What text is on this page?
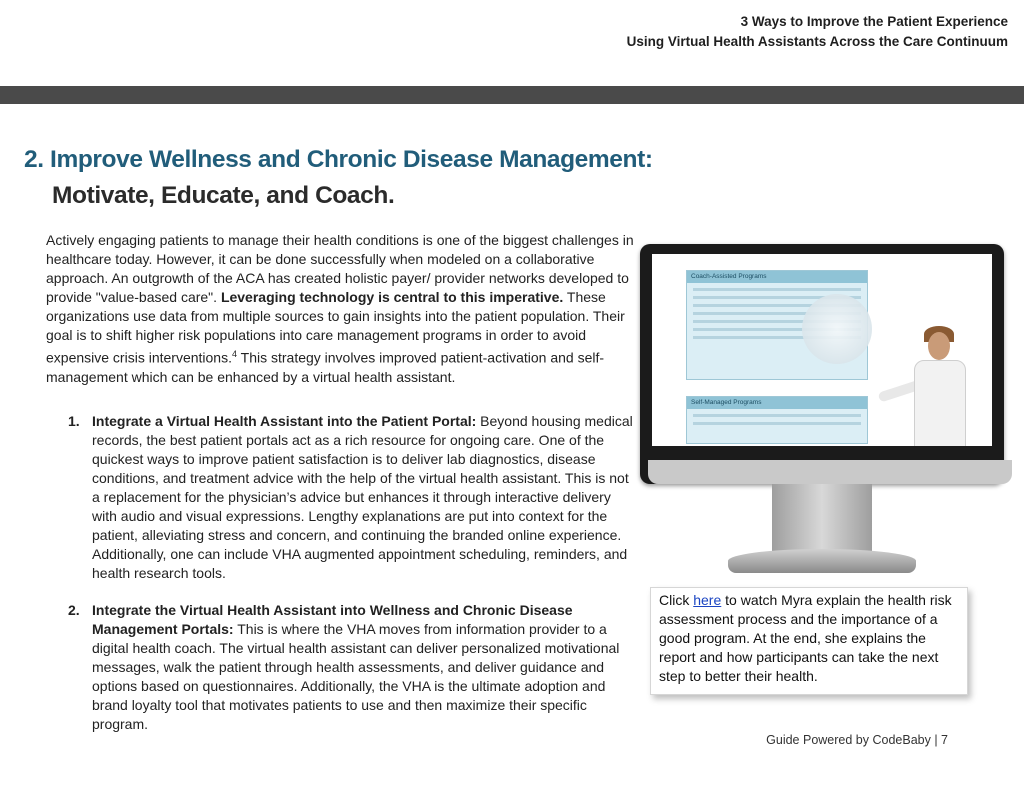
3 Ways to Improve the Patient Experience
Using Virtual Health Assistants Across the Care Continuum
2. Improve Wellness and Chronic Disease Management:
Motivate, Educate, and Coach.
Actively engaging patients to manage their health conditions is one of the biggest challenges in healthcare today. However, it can be done successfully when modeled on a collaborative approach. An outgrowth of the ACA has created holistic payer/ provider networks developed to provide "value-based care". Leveraging technology is central to this imperative. These organizations use data from multiple sources to gain insights into the patient population. Their goal is to shift higher risk populations into care management programs in order to avoid expensive crisis interventions.$^4$ This strategy involves improved patient-activation and self-management which can be enhanced by a virtual health assistant.
1. Integrate a Virtual Health Assistant into the Patient Portal: Beyond housing medical records, the best patient portals act as a rich resource for ongoing care. One of the quickest ways to improve patient satisfaction is to deliver lab diagnostics, disease conditions, and treatment advice with the help of the virtual health assistant. This is not a replacement for the physician’s advice but enhances it through interactive delivery with audio and visual expressions. Lengthy explanations are put into context for the patient, alleviating stress and concern, and continuing the branded online experience. Additionally, one can include VHA augmented appointment scheduling, reminders, and health research tools.
2. Integrate the Virtual Health Assistant into Wellness and Chronic Disease Management Portals: This is where the VHA moves from information provider to a digital health coach. The virtual health assistant can deliver personalized motivational messages, walk the patient through health assessments, and deliver guidance and options based on questionnaires. Additionally, the VHA is the ultimate adoption and brand loyalty tool that motivates patients to use and then maximize their specific program.
Coach-Assisted Programs
Self-Managed Programs
Click here to watch Myra explain the health risk assessment process and the importance of a good program. At the end, she explains the report and how participants can take the next step to better their health.
Guide Powered by CodeBaby | 7
